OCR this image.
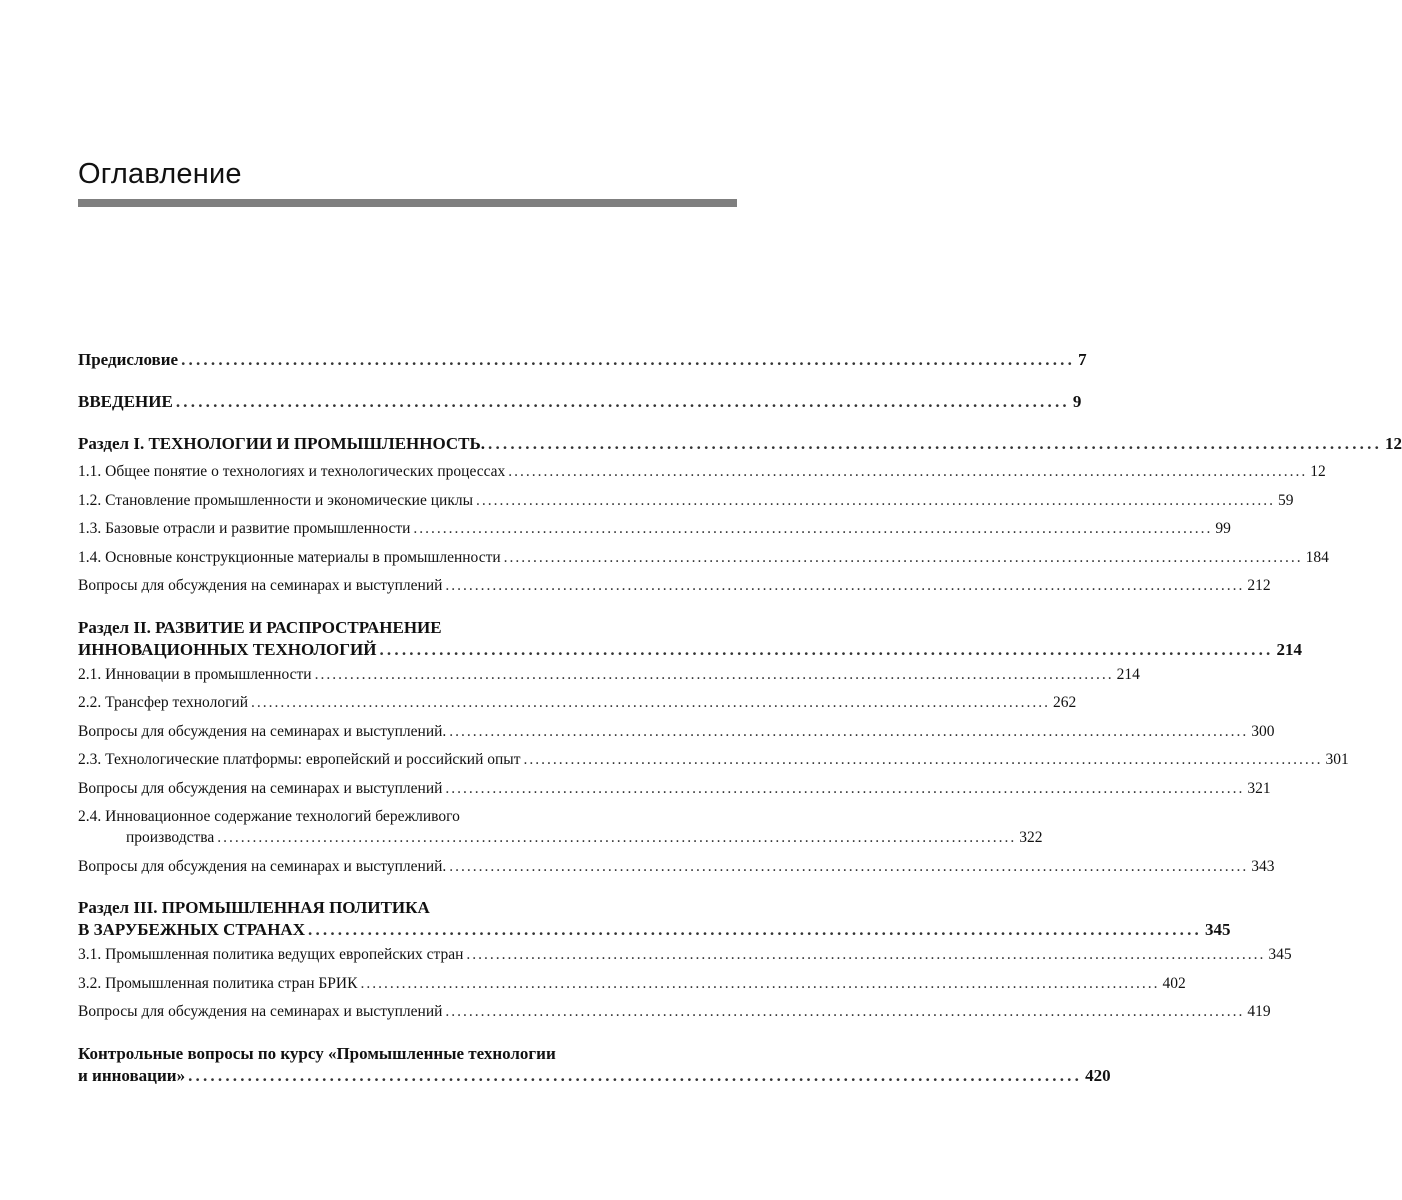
Оглавление
Предисловие ........................................................................................................................ 7
ВВЕДЕНИЕ ........................................................................................................................ 9
Раздел I. ТЕХНОЛОГИИ И ПРОМЫШЛЕННОСТЬ. ........................................................................................................................ 12
1.1. Общее понятие о технологиях и технологических процессах ........................................................................................................................................ 12
1.2. Становление промышленности и экономические циклы ........................................................................................................................................ 59
1.3. Базовые отрасли и развитие промышленности ........................................................................................................................................ 99
1.4. Основные конструкционные материалы в промышленности ........................................................................................................................................ 184
Вопросы для обсуждения на семинарах и выступлений ........................................................................................................................................ 212
Раздел II. РАЗВИТИЕ И РАСПРОСТРАНЕНИЕ
ИННОВАЦИОННЫХ ТЕХНОЛОГИЙ ........................................................................................................................ 214
2.1. Инновации в промышленности ........................................................................................................................................ 214
2.2. Трансфер технологий ........................................................................................................................................ 262
Вопросы для обсуждения на семинарах и выступлений. ........................................................................................................................................ 300
2.3. Технологические платформы: европейский и российский опыт ........................................................................................................................................ 301
Вопросы для обсуждения на семинарах и выступлений ........................................................................................................................................ 321
2.4. Инновационное содержание технологий бережливого
производства ........................................................................................................................................ 322
Вопросы для обсуждения на семинарах и выступлений. ........................................................................................................................................ 343
Раздел III. ПРОМЫШЛЕННАЯ ПОЛИТИКА
В ЗАРУБЕЖНЫХ СТРАНАХ ........................................................................................................................ 345
3.1. Промышленная политика ведущих европейских стран ........................................................................................................................................ 345
3.2. Промышленная политика стран БРИК ........................................................................................................................................ 402
Вопросы для обсуждения на семинарах и выступлений ........................................................................................................................................ 419
Контрольные вопросы по курсу «Промышленные технологии
и инновации» ........................................................................................................................ 420
